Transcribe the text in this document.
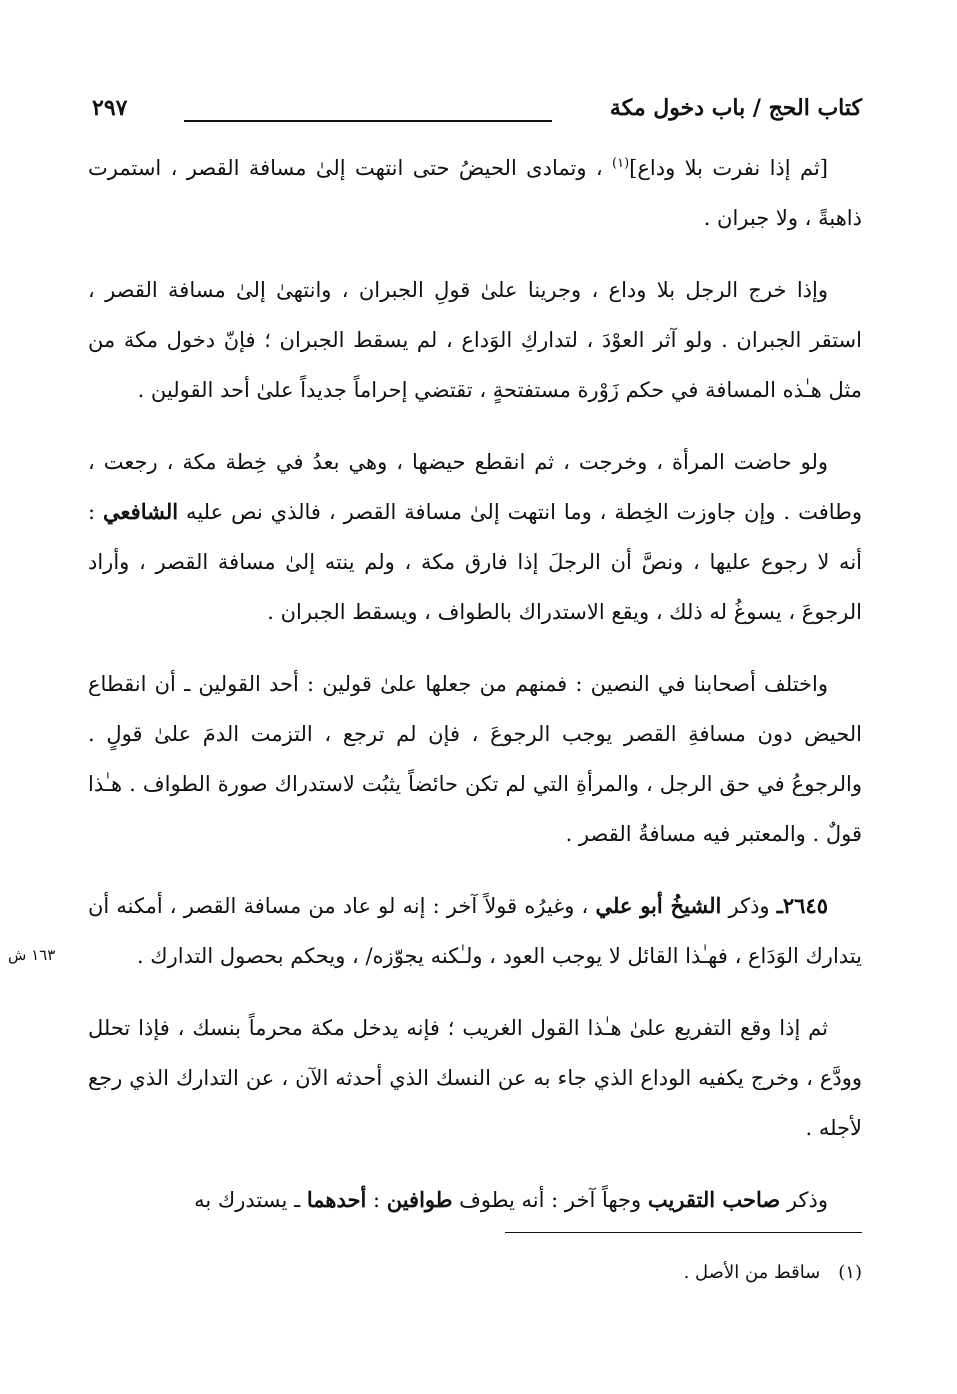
كتاب الحج / باب دخول مكة
٢٩٧

[ثم إذا نفرت بلا وداع]$^{(١)}$ ، وتمادى الحيضُ حتى انتهت إلىٰ مسافة القصر ، استمرت ذاهبةً ، ولا جبران .

وإذا خرج الرجل بلا وداع ، وجرينا علىٰ قولِ الجبران ، وانتهىٰ إلىٰ مسافة القصر ، استقر الجبران . ولو آثر العوْدَ ، لتداركِ الوَداع ، لم يسقط الجبران ؛ فإنّ دخول مكة من مثل هـٰذه المسافة في حكم زَوْرة مستفتحةٍ ، تقتضي إحراماً جديداً علىٰ أحد القولين .

ولو حاضت المرأة ، وخرجت ، ثم انقطع حيضها ، وهي بعدُ في خِطة مكة ، رجعت ، وطافت . وإن جاوزت الخِطة ، وما انتهت إلىٰ مسافة القصر ، فالذي نص عليه الشافعي : أنه لا رجوع عليها ، ونصَّ أن الرجلَ إذا فارق مكة ، ولم ينته إلىٰ مسافة القصر ، وأراد الرجوعَ ، يسوغُ له ذلك ، ويقع الاستدراك بالطواف ، ويسقط الجبران .

واختلف أصحابنا في النصين : فمنهم من جعلها علىٰ قولين : أحد القولين ـ أن انقطاع الحيض دون مسافةِ القصر يوجب الرجوعَ ، فإن لم ترجع ، التزمت الدمَ علىٰ قولٍ . والرجوعُ في حق الرجل ، والمرأةِ التي لم تكن حائضاً يثبُت لاستدراك صورة الطواف . هـٰذا قولٌ . والمعتبر فيه مسافةُ القصر .

٢٦٤٥ـ وذكر الشيخُ أبو علي ، وغيرُه قولاً آخر : إنه لو عاد من مسافة القصر ، أمكنه أن يتدارك الوَدَاع ، فهـٰذا القائل لا يوجب العود ، ولـٰكنه يجوّزه/ ، ويحكم بحصول التدارك .

ثم إذا وقع التفريع علىٰ هـٰذا القول الغريب ؛ فإنه يدخل مكة محرماً بنسك ، فإذا تحلل وودَّع ، وخرج يكفيه الوداع الذي جاء به عن النسك الذي أحدثه الآن ، عن التدارك الذي رجع لأجله .

وذكر صاحب التقريب وجهاً آخر : أنه يطوف طوافين : أحدهما ـ يستدرك به

١٦٣ ش
(١)ساقط من الأصل .
